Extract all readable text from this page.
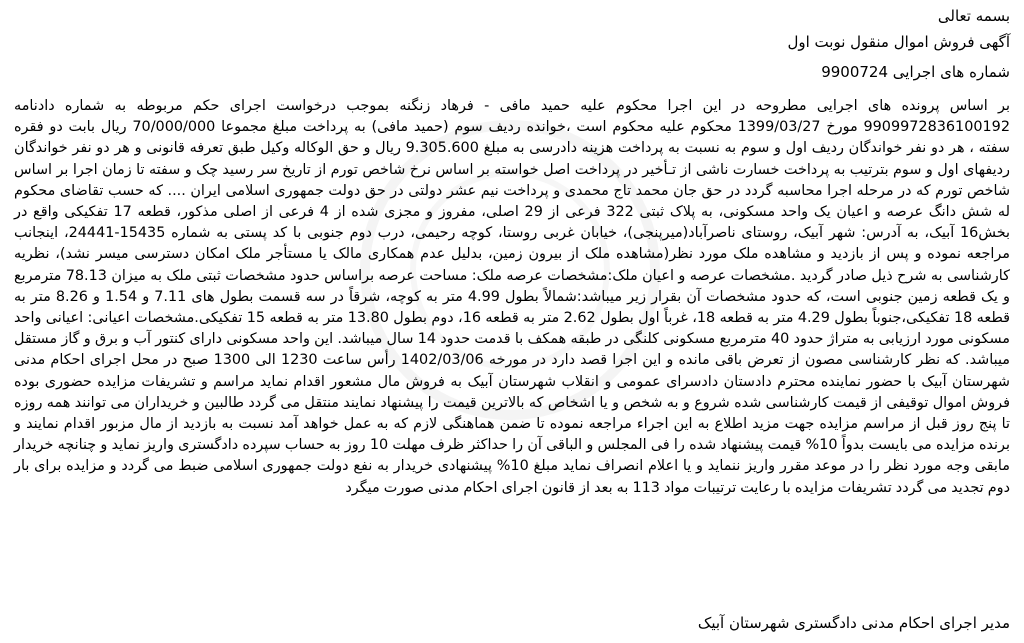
بسمه تعالی

آگهی فروش اموال منقول نوبت اول

شماره های اجرایی 9900724

بر اساس پرونده های اجرایی مطروحه در این اجرا محکوم علیه حمید مافی - فرهاد زنگنه بموجب درخواست اجرای حکم مربوطه به شماره دادنامه 9909972836100192 مورخ 1399/03/27 محکوم علیه محکوم است ،خوانده ردیف سوم (حمید مافی) به پرداخت مبلغ مجموعا 70/000/000 ریال بابت دو فقره سفته ، هر دو نفر خواندگان ردیف اول و سوم به نسبت به پرداخت هزینه دادرسی به مبلغ 9.305.600 ریال و حق الوکاله وکیل طبق تعرفه قانونی و هر دو نفر خواندگان ردیفهای اول و سوم بترتیب به پرداخت خسارت ناشی از تـأخیر در پرداخت اصل خواسته بر اساس نرخ شاخص تورم از تاریخ سر رسید چک و سفته تا زمان اجرا بر اساس شاخص تورم که در مرحله اجرا محاسبه گردد در حق جان محمد تاج محمدی و پرداخت نیم عشر دولتی در حق دولت جمهوری اسلامی ایران .... که حسب تقاضای محکوم له شش دانگ عرصه و اعیان یک واحد مسکونی، به پلاک ثبتی 322 فرعی از 29 اصلی، مفروز و مجزی شده از 4 فرعی از اصلی مذکور، قطعه 17 تفکیکی واقع در بخش16 آبیک، به آدرس: شهر آبیک، روستای ناصرآباد(میرپنجی)، خیابان غربی روستا، کوچه رحیمی، درب دوم جنوبی با کد پستی به شماره 15435-24441، اینجانب مراجعه نموده و پس از بازدید و مشاهده ملک مورد نظر(مشاهده ملک از بیرون زمین، بدلیل عدم همکاری مالک یا مستأجر ملک امکان دسترسی میسر نشد)، نظریه کارشناسی به شرح ذیل صادر گردید .مشخصات عرصه و اعیان ملک:مشخصات عرصه ملک: مساحت عرصه براساس حدود مشخصات ثبتی ملک به میزان 78.13 مترمربع و یک قطعه زمین جنوبی است، که حدود مشخصات آن بقرار زیر میباشد:شمالاً بطول 4.99 متر به کوچه، شرقاً در سه قسمت بطول های 7.11 و 1.54 و 8.26 متر به قطعه 18 تفکیکی،جنوباً بطول 4.29 متر به قطعه 18، غرباً اول بطول 2.62 متر به قطعه 16، دوم بطول 13.80 متر به قطعه 15 تفکیکی.مشخصات اعیانی: اعیانی واحد مسکونی مورد ارزیابی به متراژ حدود 40 مترمربع مسکونی کلنگی در طبقه همکف با قدمت حدود 14 سال میباشد. این واحد مسکونی دارای کنتور آب و برق و گاز مستقل میباشد. که نظر کارشناسی مصون از تعرض باقی مانده و این اجرا قصد دارد در مورخه 1402/03/06 رأس ساعت 1230 الی 1300 صبح در محل اجرای احکام مدنی شهرستان آبیک با حضور نماینده محترم دادستان دادسرای عمومی و انقلاب شهرستان آبیک به فروش مال مشعور اقدام نماید مراسم و تشریفات مزایده حضوری بوده فروش اموال توقیفی از قیمت کارشناسی شده شروع و به شخص و یا اشخاص که بالاترین قیمت را پیشنهاد نمایند منتقل می گردد طالبین و خریداران می توانند همه روزه تا پنج روز قبل از مراسم مزایده جهت مزید اطلاع به این اجراء مراجعه نموده تا ضمن هماهنگی لازم که به عمل خواهد آمد نسبت به بازدید از مال مزبور اقدام نمایند و برنده مزایده می بایست بدواً 10% قیمت پیشنهاد شده را فی المجلس و الباقی آن را حداکثر ظرف مهلت 10 روز به حساب سپرده دادگستری واریز نماید و چنانچه خریدار مابقی وجه مورد نظر را در موعد مقرر واریز ننماید و یا اعلام انصراف نماید مبلغ 10% پیشنهادی خریدار به نفع دولت جمهوری اسلامی ضبط می گردد و مزایده برای بار دوم تجدید می گردد تشریفات مزایده با رعایت ترتیبات مواد 113 به بعد از قانون اجرای احکام مدنی صورت میگرد

مدیر اجرای احکام مدنی دادگستری شهرستان آبیک
